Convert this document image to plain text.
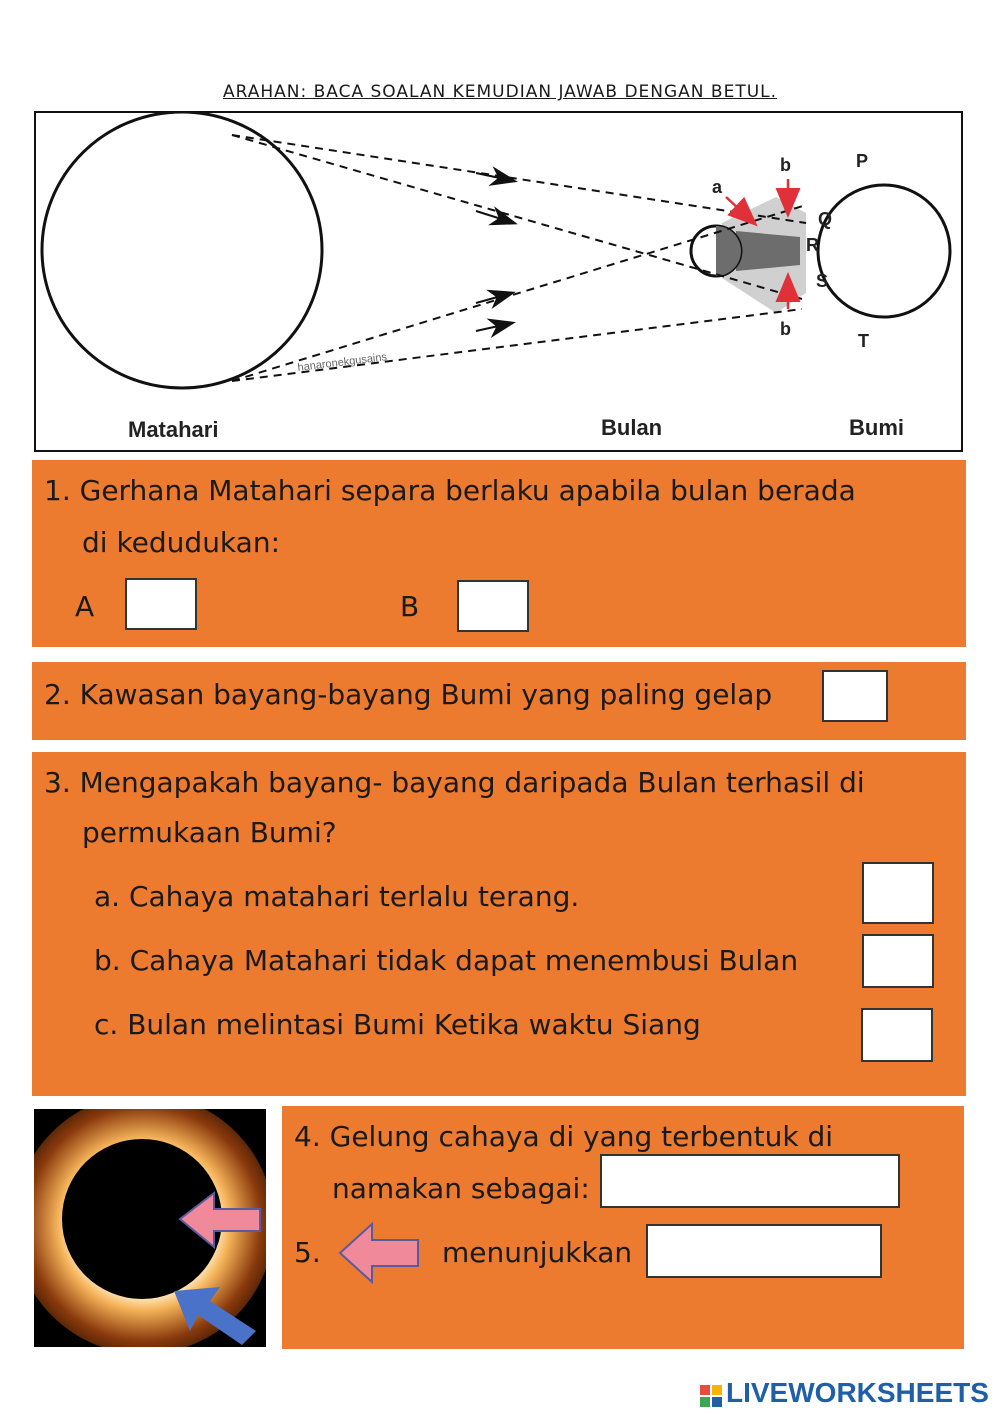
ARAHAN: BACA SOALAN KEMUDIAN JAWAB DENGAN BETUL.
a
b
b
P
Q
R
S
T
hanaronekgusains
Matahari	Bulan	Bumi
1. Gerhana Matahari separa berlaku apabila bulan berada
di kedudukan:
A	B
2. Kawasan bayang-bayang Bumi yang paling gelap
3. Mengapakah bayang- bayang daripada Bulan terhasil di
permukaan Bumi?
a. Cahaya matahari terlalu terang.
b. Cahaya Matahari tidak dapat menembusi Bulan
c. Bulan melintasi Bumi Ketika waktu Siang
4. Gelung cahaya di yang terbentuk di
namakan sebagai:
5.	menunjukkan
LIVEWORKSHEETS
